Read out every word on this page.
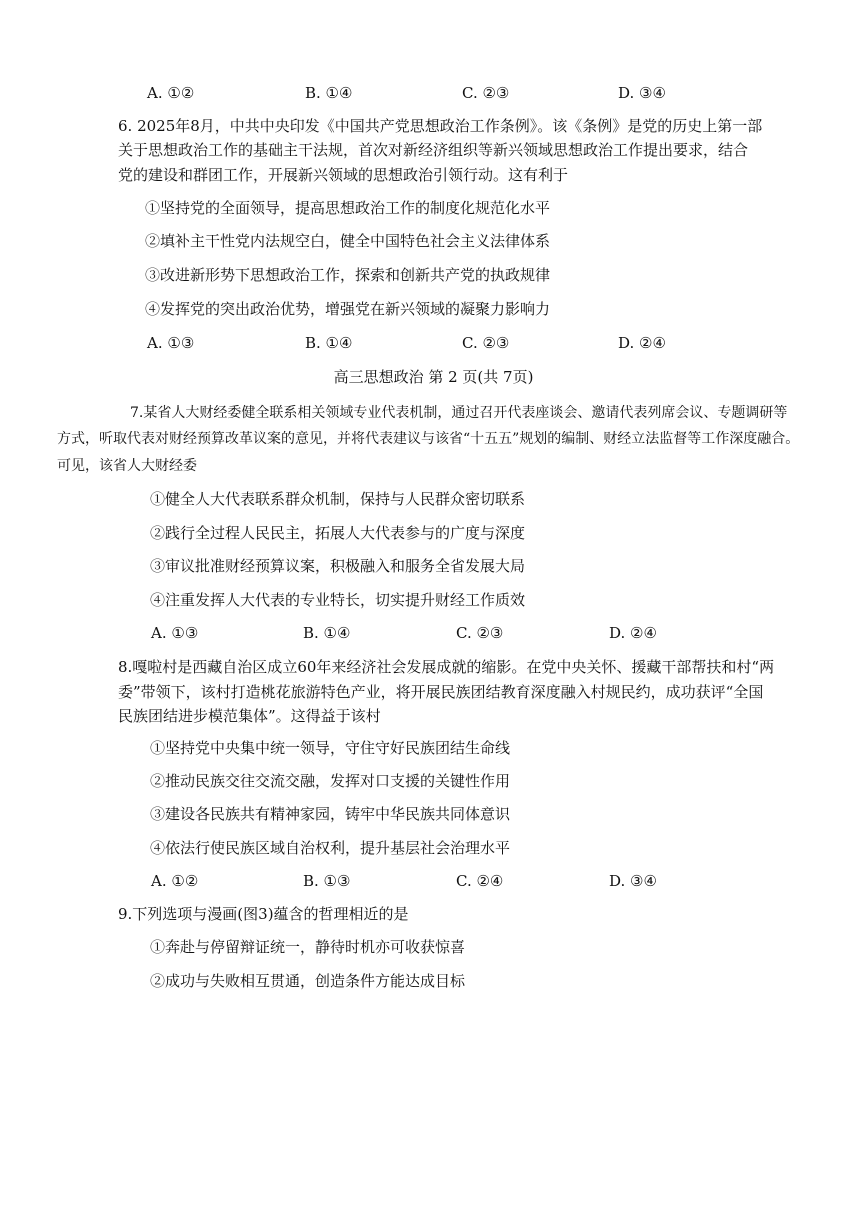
A. ①②	B. ①④	C. ②③	D. ③④
6. 2025年8月，中共中央印发《中国共产党思想政治工作条例》。该《条例》是党的历史上第一部
关于思想政治工作的基础主干法规，首次对新经济组织等新兴领域思想政治工作提出要求，结合
党的建设和群团工作，开展新兴领域的思想政治引领行动。这有利于
①坚持党的全面领导，提高思想政治工作的制度化规范化水平
②填补主干性党内法规空白，健全中国特色社会主义法律体系
③改进新形势下思想政治工作，探索和创新共产党的执政规律
④发挥党的突出政治优势，增强党在新兴领域的凝聚力影响力
A. ①③	B. ①④	C. ②③	D. ②④
高三思想政治 第 2 页(共 7页)
7.某省人大财经委健全联系相关领域专业代表机制，通过召开代表座谈会、邀请代表列席会议、专题调研等
方式，听取代表对财经预算改革议案的意见，并将代表建议与该省“十五五”规划的编制、财经立法监督等工作深度融合。
可见，该省人大财经委
①健全人大代表联系群众机制，保持与人民群众密切联系
②践行全过程人民民主，拓展人大代表参与的广度与深度
③审议批准财经预算议案，积极融入和服务全省发展大局
④注重发挥人大代表的专业特长，切实提升财经工作质效
A. ①③	B. ①④	C. ②③	D. ②④
8.嘎啦村是西藏自治区成立60年来经济社会发展成就的缩影。在党中央关怀、援藏干部帮扶和村“两
委”带领下，该村打造桃花旅游特色产业，将开展民族团结教育深度融入村规民约，成功获评“全国
民族团结进步模范集体”。这得益于该村
①坚持党中央集中统一领导，守住守好民族团结生命线
②推动民族交往交流交融，发挥对口支援的关键性作用
③建设各民族共有精神家园，铸牢中华民族共同体意识
④依法行使民族区域自治权利，提升基层社会治理水平
A. ①②	B. ①③	C. ②④	D. ③④
9.下列选项与漫画(图3)蕴含的哲理相近的是
①奔赴与停留辩证统一，静待时机亦可收获惊喜
②成功与失败相互贯通，创造条件方能达成目标
